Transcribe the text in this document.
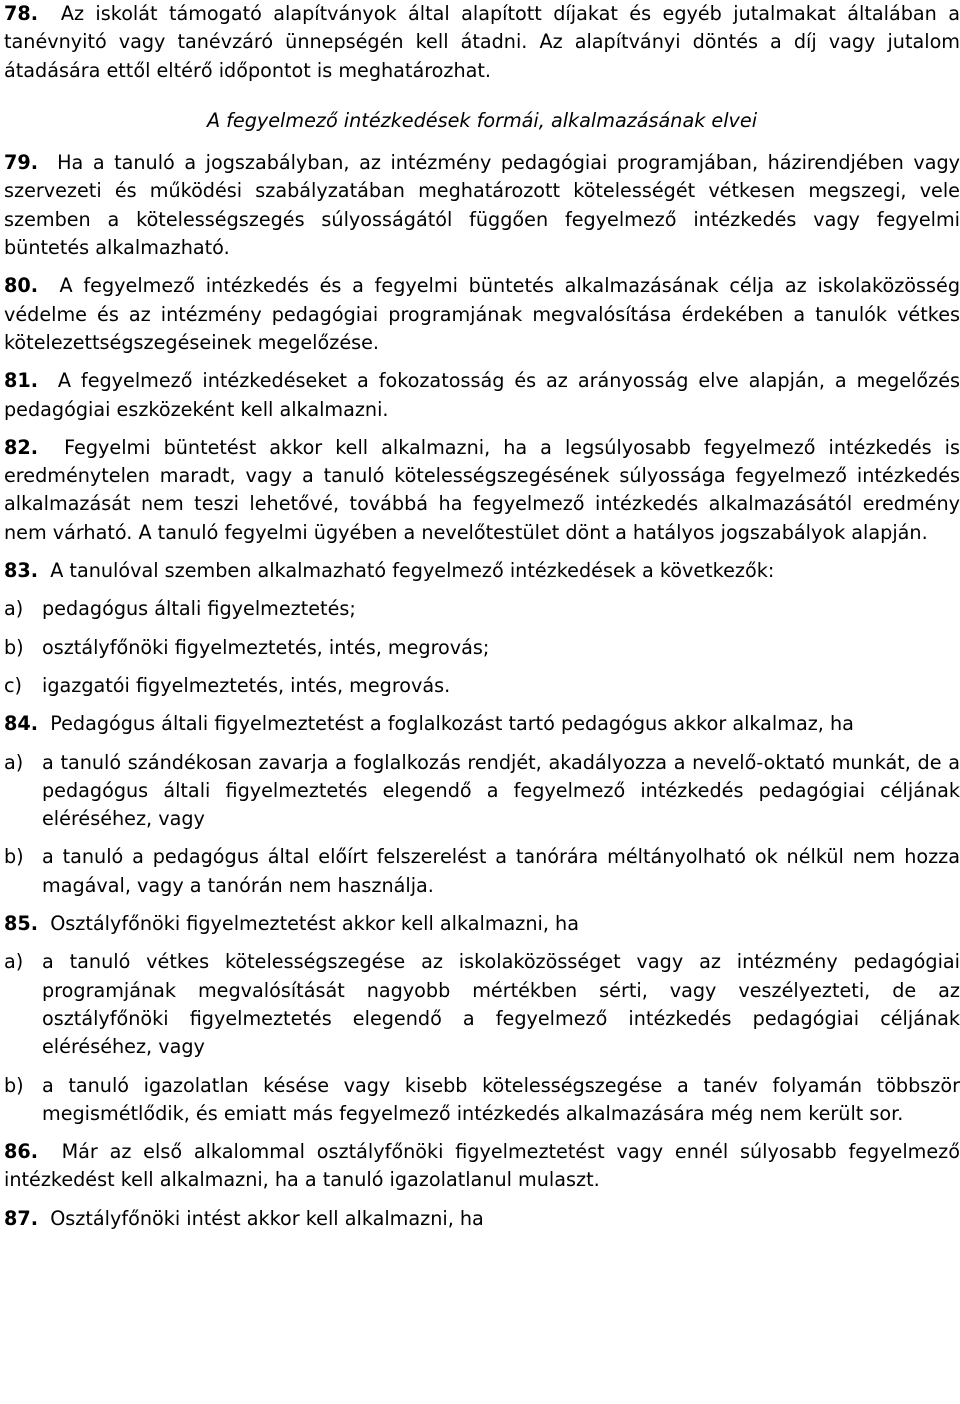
78. Az iskolát támogató alapítványok által alapított díjakat és egyéb jutalmakat általában a tanévnyitó vagy tanévzáró ünnepségén kell átadni. Az alapítványi döntés a díj vagy jutalom átadására ettől eltérő időpontot is meghatározhat.

A fegyelmező intézkedések formái, alkalmazásának elvei

79. Ha a tanuló a jogszabályban, az intézmény pedagógiai programjában, házirendjében vagy szervezeti és működési szabályzatában meghatározott kötelességét vétkesen megszegi, vele szemben a kötelességszegés súlyosságától függően fegyelmező intézkedés vagy fegyelmi büntetés alkalmazható.

80. A fegyelmező intézkedés és a fegyelmi büntetés alkalmazásának célja az iskolaközösség védelme és az intézmény pedagógiai programjának megvalósítása érdekében a tanulók vétkes kötelezettségszegéseinek megelőzése.

81. A fegyelmező intézkedéseket a fokozatosság és az arányosság elve alapján, a megelőzés pedagógiai eszközeként kell alkalmazni.

82. Fegyelmi büntetést akkor kell alkalmazni, ha a legsúlyosabb fegyelmező intézkedés is eredménytelen maradt, vagy a tanuló kötelességszegésének súlyossága fegyelmező intézkedés alkalmazását nem teszi lehetővé, továbbá ha fegyelmező intézkedés alkalmazásától eredmény nem várható. A tanuló fegyelmi ügyében a nevelőtestület dönt a hatályos jogszabályok alapján.

83. A tanulóval szemben alkalmazható fegyelmező intézkedések a következők:

a) pedagógus általi figyelmeztetés;
b) osztályfőnöki figyelmeztetés, intés, megrovás;
c)	igazgatói figyelmeztetés, intés, megrovás.

84. Pedagógus általi figyelmeztetést a foglalkozást tartó pedagógus akkor alkalmaz, ha

a) a tanuló szándékosan zavarja a foglalkozás rendjét, akadályozza a nevelő-oktató munkát, de a pedagógus általi figyelmeztetés elegendő a fegyelmező intézkedés pedagógiai céljának eléréséhez, vagy
b) a tanuló a pedagógus által előírt felszerelést a tanórára méltányolható ok nélkül nem hozza magával, vagy a tanórán nem használja.

85. Osztályfőnöki figyelmeztetést akkor kell alkalmazni, ha

a) a tanuló vétkes kötelességszegése az iskolaközösséget vagy az intézmény pedagógiai programjának megvalósítását nagyobb mértékben sérti, vagy veszélyezteti, de az osztályfőnöki figyelmeztetés elegendő a fegyelmező intézkedés pedagógiai céljának eléréséhez, vagy
b) a tanuló igazolatlan késése vagy kisebb kötelességszegése a tanév folyamán többször megismétlődik, és emiatt más fegyelmező intézkedés alkalmazására még nem került sor.

86. Már az első alkalommal osztályfőnöki figyelmeztetést vagy ennél súlyosabb fegyelmező intézkedést kell alkalmazni, ha a tanuló igazolatlanul mulaszt.

87. Osztályfőnöki intést akkor kell alkalmazni, ha
